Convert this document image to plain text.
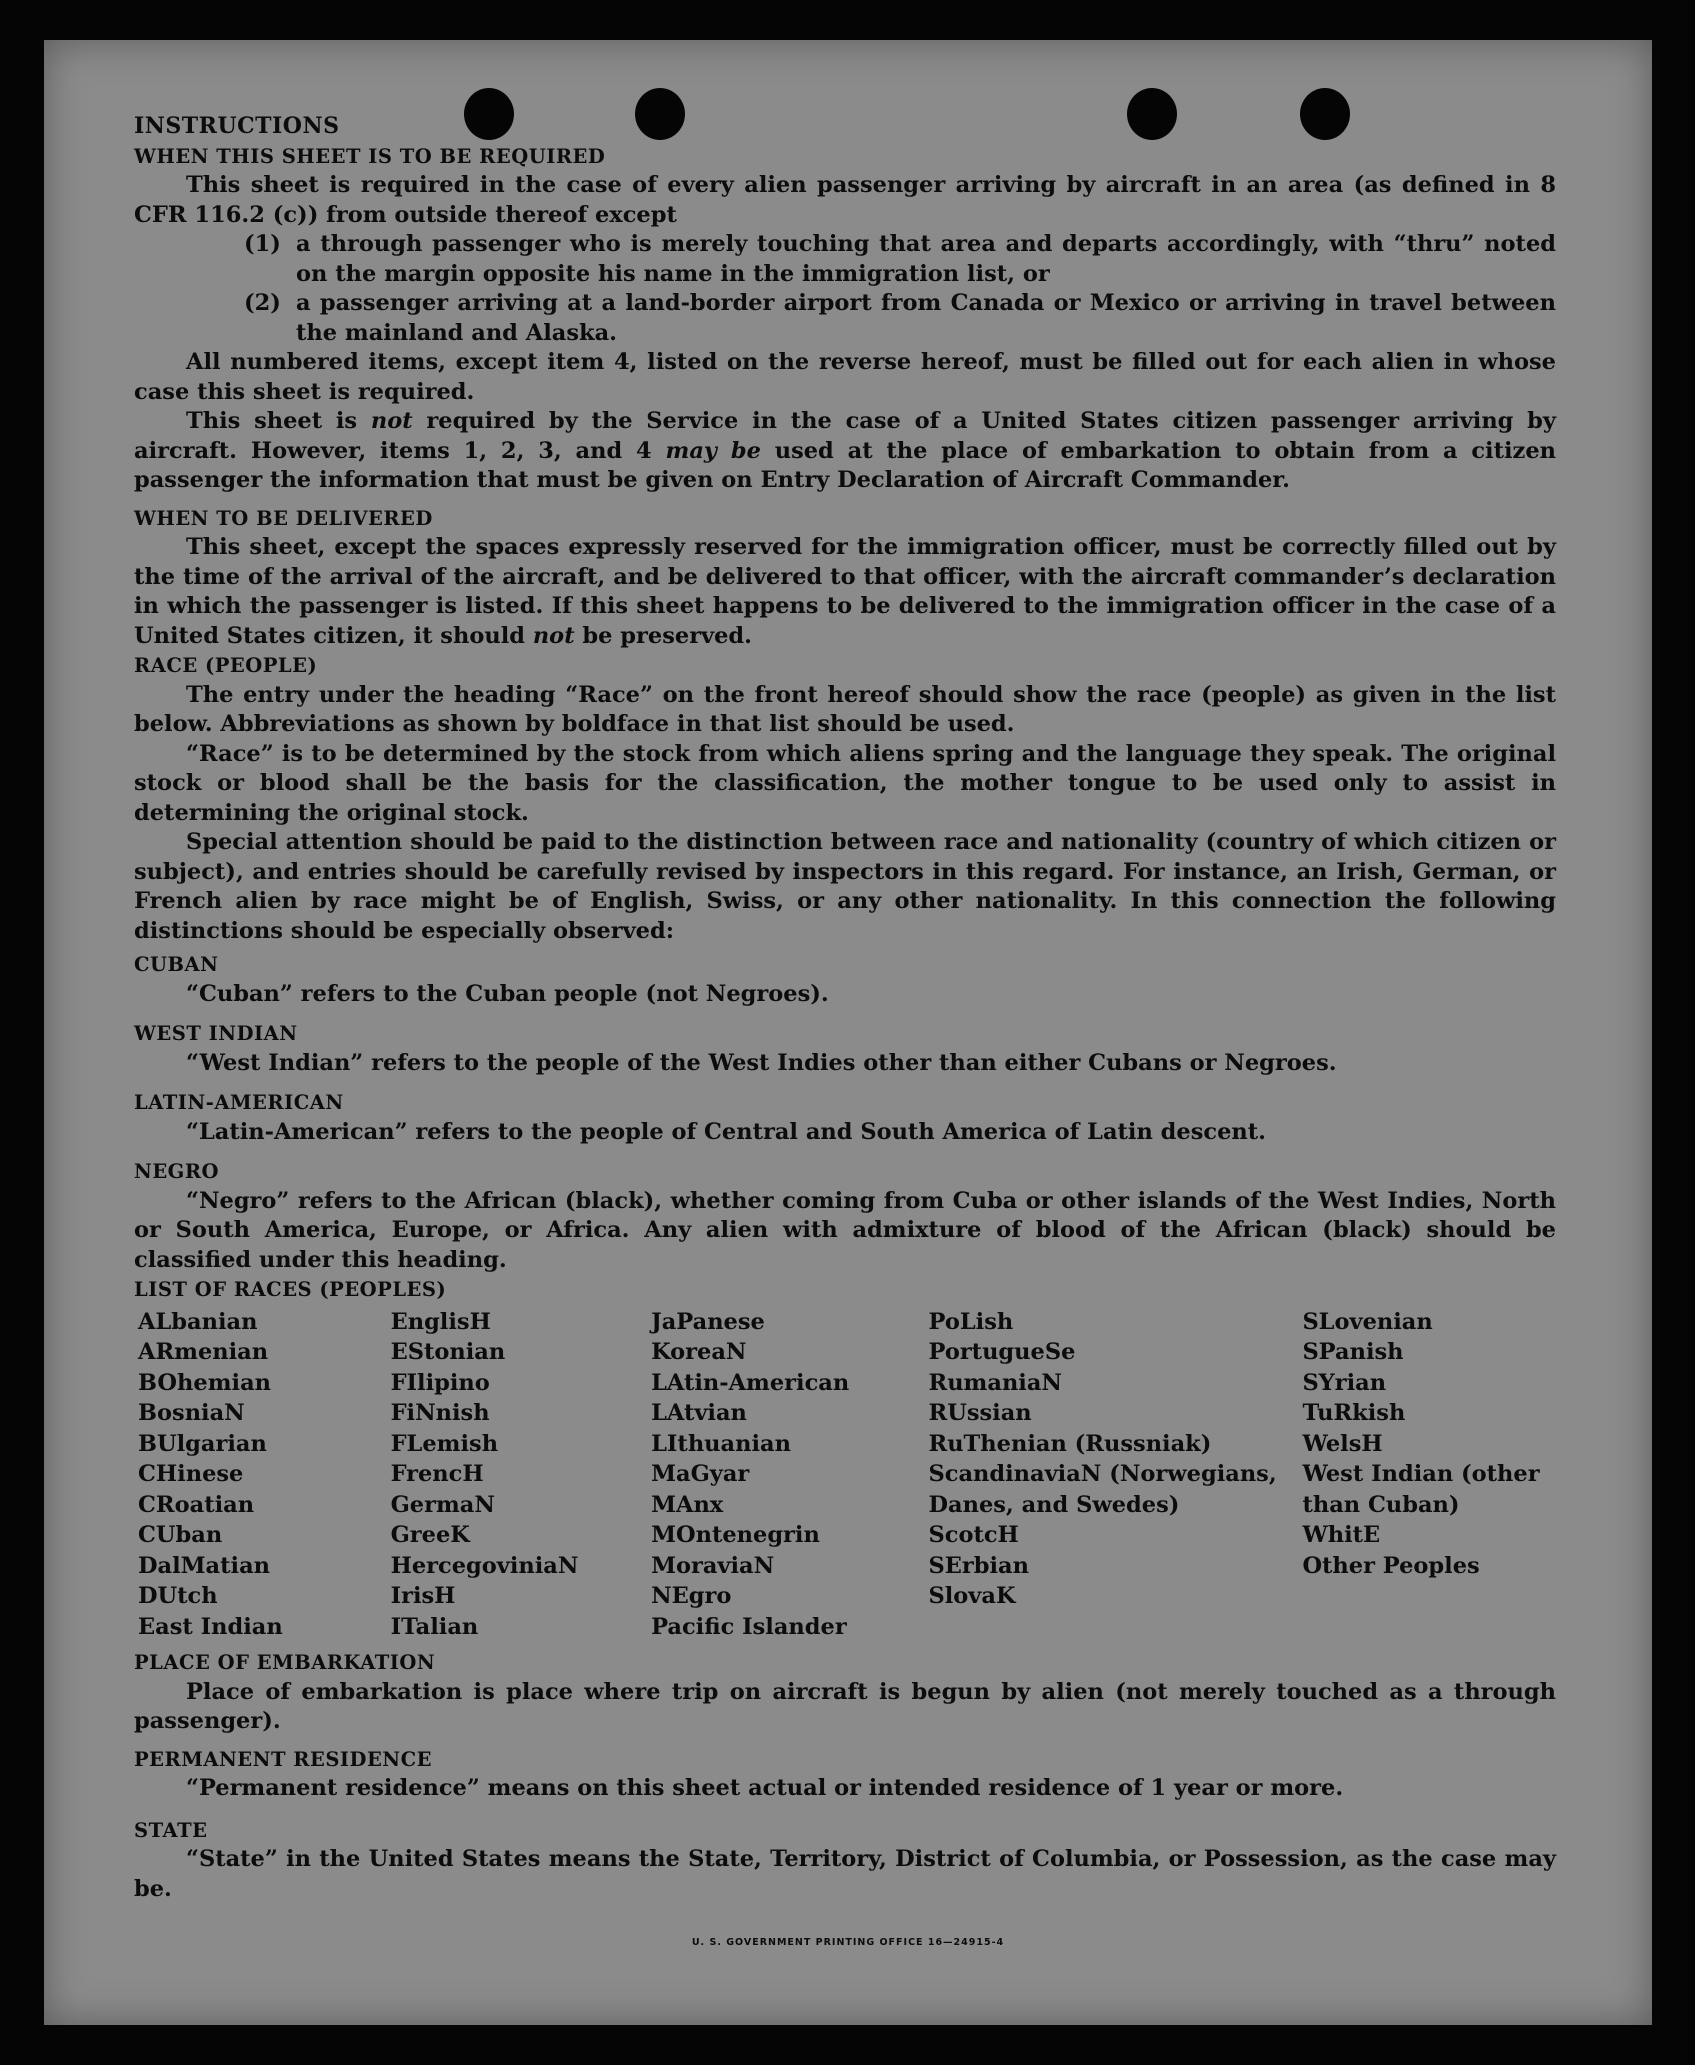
INSTRUCTIONS

WHEN THIS SHEET IS TO BE REQUIRED

This sheet is required in the case of every alien passenger arriving by aircraft in an area (as defined in 8 CFR 116.2 (c)) from outside thereof except

(1) a through passenger who is merely touching that area and departs accordingly, with “thru” noted on the margin opposite his name in the immigration list, or
(2) a passenger arriving at a land-border airport from Canada or Mexico or arriving in travel between the mainland and Alaska.

All numbered items, except item 4, listed on the reverse hereof, must be filled out for each alien in whose case this sheet is required.

This sheet is not required by the Service in the case of a United States citizen passenger arriving by aircraft. However, items 1, 2, 3, and 4 may be used at the place of embarkation to obtain from a citizen passenger the information that must be given on Entry Declaration of Aircraft Commander.

WHEN TO BE DELIVERED

This sheet, except the spaces expressly reserved for the immigration officer, must be correctly filled out by the time of the arrival of the aircraft, and be delivered to that officer, with the aircraft commander’s declaration in which the passenger is listed. If this sheet happens to be delivered to the immigration officer in the case of a United States citizen, it should not be preserved.

RACE (PEOPLE)

The entry under the heading “Race” on the front hereof should show the race (people) as given in the list below. Abbreviations as shown by boldface in that list should be used.

“Race” is to be determined by the stock from which aliens spring and the language they speak. The original stock or blood shall be the basis for the classification, the mother tongue to be used only to assist in determining the original stock.

Special attention should be paid to the distinction between race and nationality (country of which citizen or subject), and entries should be carefully revised by inspectors in this regard. For instance, an Irish, German, or French alien by race might be of English, Swiss, or any other nationality. In this connection the following distinctions should be especially observed:

CUBAN

“Cuban” refers to the Cuban people (not Negroes).

WEST INDIAN

“West Indian” refers to the people of the West Indies other than either Cubans or Negroes.

LATIN-AMERICAN

“Latin-American” refers to the people of Central and South America of Latin descent.

NEGRO

“Negro” refers to the African (black), whether coming from Cuba or other islands of the West Indies, North or South America, Europe, or Africa. Any alien with admixture of blood of the African (black) should be classified under this heading.

LIST OF RACES (PEOPLES)

ALbanian
ARmenian
BOhemian
BosniaN
BUlgarian
CHinese
CRoatian
CUban
DalMatian
DUtch
East Indian
EnglisH
EStonian
FIlipino
FiNnish
FLemish
FrencH
GermaN
GreeK
HercegoviniaN
IrisH
ITalian
JaPanese
KoreaN
LAtin-American
LAtvian
LIthuanian
MaGyar
MAnx
MOntenegrin
MoraviaN
NEgro
Pacific Islander
PoLish
PortugueSe
RumaniaN
RUssian
RuThenian (Russniak)
ScandinaviaN (Norwegians, Danes, and Swedes)
ScotcH
SErbian
SlovaK
SLovenian
SPanish
SYrian
TuRkish
WelsH
West Indian (other than Cuban)
WhitE
Other Peoples

PLACE OF EMBARKATION

Place of embarkation is place where trip on aircraft is begun by alien (not merely touched as a through passenger).

PERMANENT RESIDENCE

“Permanent residence” means on this sheet actual or intended residence of 1 year or more.

STATE

“State” in the United States means the State, Territory, District of Columbia, or Possession, as the case may be.

U. S. GOVERNMENT PRINTING OFFICE 16—24915-4
